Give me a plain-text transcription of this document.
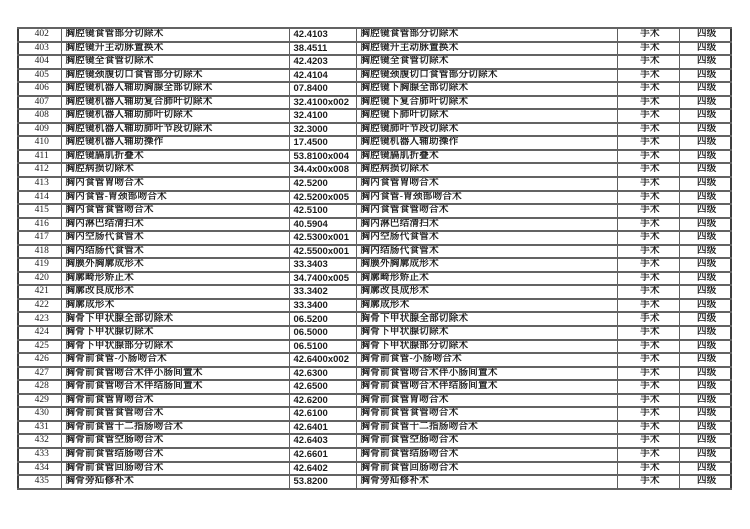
402	胸腔镜食管部分切除术	42.4103	胸腔镜食管部分切除术	手术	四级
403	胸腔镜升主动脉置换术	38.4511	胸腔镜升主动脉置换术	手术	四级
404	胸腔镜全食管切除术	42.4203	胸腔镜全食管切除术	手术	四级
405	胸腔镜颈腹切口食管部分切除术	42.4104	胸腔镜颈腹切口食管部分切除术	手术	四级
406	胸腔镜机器人辅助胸腺全部切除术	07.8400	胸腔镜下胸腺全部切除术	手术	四级
407	胸腔镜机器人辅助复合肺叶切除术	32.4100x002	胸腔镜下复合肺叶切除术	手术	四级
408	胸腔镜机器人辅助肺叶切除术	32.4100	胸腔镜下肺叶切除术	手术	四级
409	胸腔镜机器人辅助肺叶节段切除术	32.3000	胸腔镜肺叶节段切除术	手术	四级
410	胸腔镜机器人辅助操作	17.4500	胸腔镜机器人辅助操作	手术	四级
411	胸腔镜膈肌折叠术	53.8100x004	胸腔镜膈肌折叠术	手术	四级
412	胸腔病损切除术	34.4x00x008	胸腔病损切除术	手术	四级
413	胸内食管胃吻合术	42.5200	胸内食管胃吻合术	手术	四级
414	胸内食管-胃颈部吻合术	42.5200x005	胸内食管-胃颈部吻合术	手术	四级
415	胸内食管食管吻合术	42.5100	胸内食管食管吻合术	手术	四级
416	胸内淋巴结清扫术	40.5904	胸内淋巴结清扫术	手术	四级
417	胸内空肠代食管术	42.5300x001	胸内空肠代食管术	手术	四级
418	胸内结肠代食管术	42.5500x001	胸内结肠代食管术	手术	四级
419	胸膜外胸廓成形术	33.3403	胸膜外胸廓成形术	手术	四级
420	胸廓畸形矫正术	34.7400x005	胸廓畸形矫正术	手术	四级
421	胸廓改良成形术	33.3402	胸廓改良成形术	手术	四级
422	胸廓成形术	33.3400	胸廓成形术	手术	四级
423	胸骨下甲状腺全部切除术	06.5200	胸骨下甲状腺全部切除术	手术	四级
424	胸骨下甲状腺切除术	06.5000	胸骨下甲状腺切除术	手术	四级
425	胸骨下甲状腺部分切除术	06.5100	胸骨下甲状腺部分切除术	手术	四级
426	胸骨前食管-小肠吻合术	42.6400x002	胸骨前食管-小肠吻合术	手术	四级
427	胸骨前食管吻合术伴小肠间置术	42.6300	胸骨前食管吻合术伴小肠间置术	手术	四级
428	胸骨前食管吻合术伴结肠间置术	42.6500	胸骨前食管吻合术伴结肠间置术	手术	四级
429	胸骨前食管胃吻合术	42.6200	胸骨前食管胃吻合术	手术	四级
430	胸骨前食管食管吻合术	42.6100	胸骨前食管食管吻合术	手术	四级
431	胸骨前食管十二指肠吻合术	42.6401	胸骨前食管十二指肠吻合术	手术	四级
432	胸骨前食管空肠吻合术	42.6403	胸骨前食管空肠吻合术	手术	四级
433	胸骨前食管结肠吻合术	42.6601	胸骨前食管结肠吻合术	手术	四级
434	胸骨前食管回肠吻合术	42.6402	胸骨前食管回肠吻合术	手术	四级
435	胸骨旁疝修补术	53.8200	胸骨旁疝修补术	手术	四级
